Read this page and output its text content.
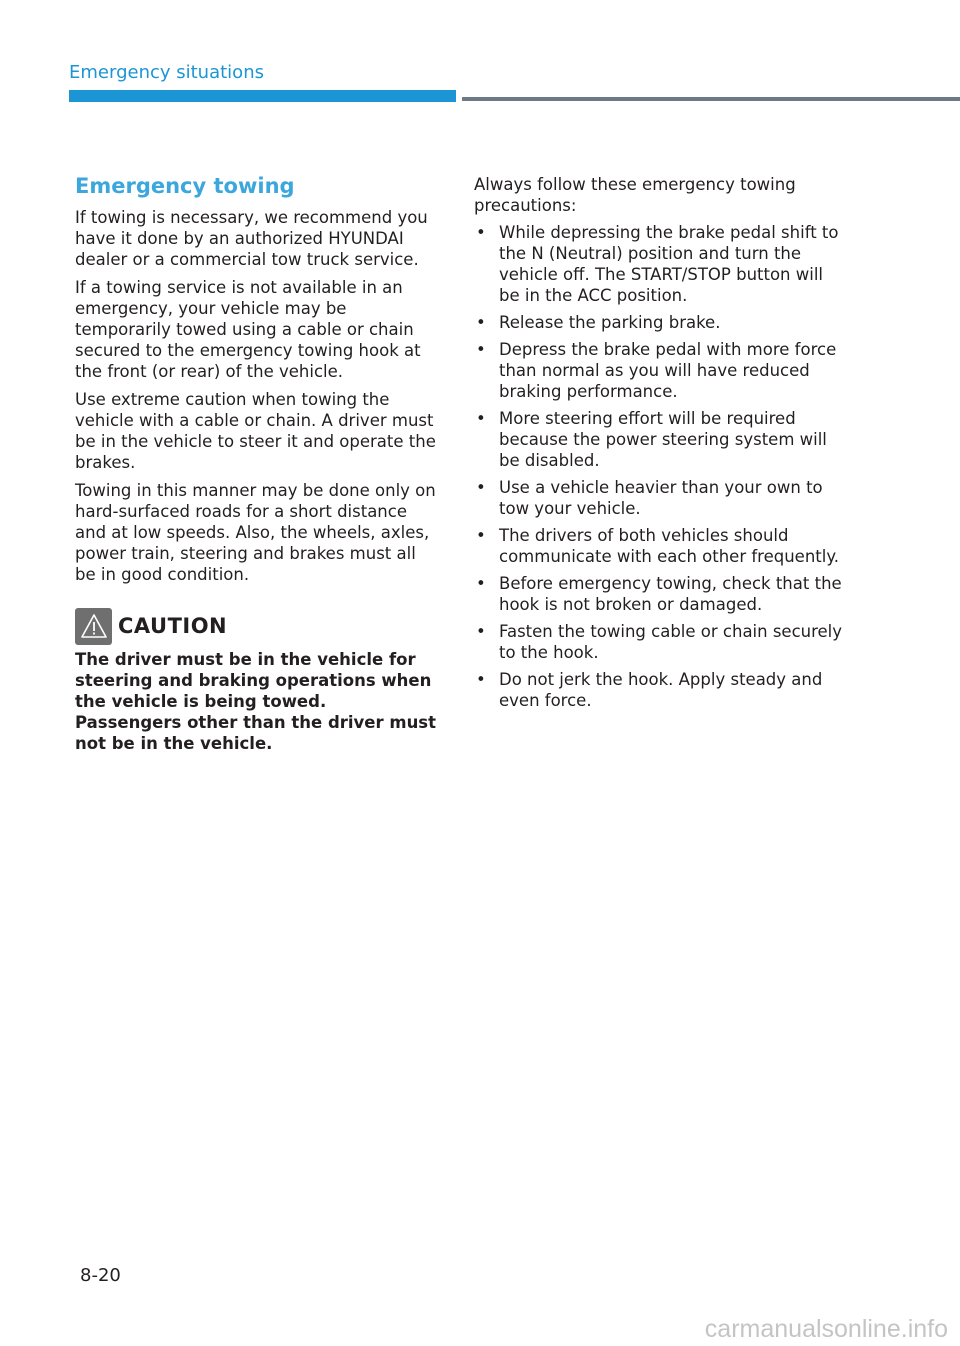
Emergency situations
Emergency towing

If towing is necessary, we recommend you have it done by an authorized HYUNDAI dealer or a commercial tow truck service.

If a towing service is not available in an emergency, your vehicle may be temporarily towed using a cable or chain secured to the emergency towing hook at the front (or rear) of the vehicle.

Use extreme caution when towing the vehicle with a cable or chain. A driver must be in the vehicle to steer it and operate the brakes.

Towing in this manner may be done only on hard-surfaced roads for a short distance and at low speeds. Also, the wheels, axles, power train, steering and brakes must all be in good condition.

CAUTION

The driver must be in the vehicle for steering and braking operations when the vehicle is being towed. Passengers other than the driver must not be in the vehicle.

Always follow these emergency towing precautions:

• While depressing the brake pedal shift to the N (Neutral) position and turn the vehicle off. The START/STOP button will be in the ACC position.
• Release the parking brake.
• Depress the brake pedal with more force than normal as you will have reduced braking performance.
• More steering effort will be required because the power steering system will be disabled.
• Use a vehicle heavier than your own to tow your vehicle.
• The drivers of both vehicles should communicate with each other frequently.
• Before emergency towing, check that the hook is not broken or damaged.
• Fasten the towing cable or chain securely to the hook.
• Do not jerk the hook. Apply steady and even force.
8-20
carmanualsonline.info
